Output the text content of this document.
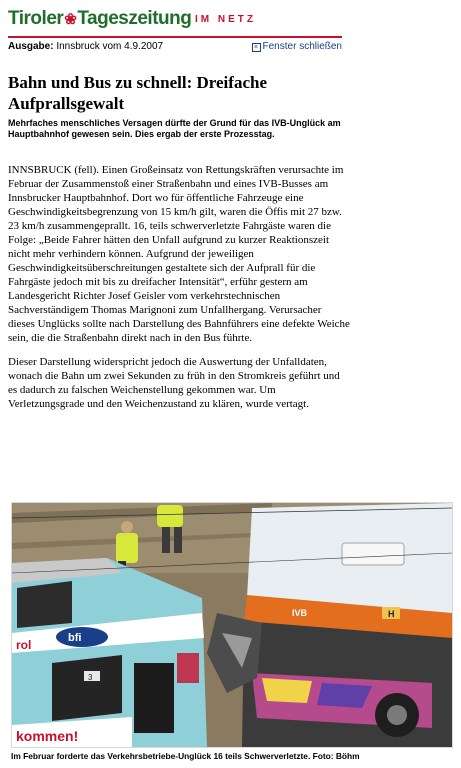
Tiroler❀Tageszeitung IM NETZ
Ausgabe: Innsbruck vom 4.9.2007	× Fenster schließen
Bahn und Bus zu schnell: Dreifache Aufprallsgewalt

Mehrfaches menschliches Versagen dürfte der Grund für das IVB-Unglück am Hauptbahnhof gewesen sein. Dies ergab der erste Prozesstag.

INNSBRUCK (fell). Einen Großeinsatz von Rettungskräften verursachte im Februar der Zusammenstoß einer Straßenbahn und eines IVB-Busses am Innsbrucker Hauptbahnhof. Dort wo für öffentliche Fahrzeuge eine Geschwindigkeitsbegrenzung von 15 km/h gilt, waren die Öffis mit 27 bzw. 23 km/h zusammengeprallt. 16, teils schwerverletzte Fahrgäste waren die Folge: „Beide Fahrer hätten den Unfall aufgrund zu kurzer Reaktionszeit nicht mehr verhindern können. Aufgrund der jeweiligen Geschwindigkeitsüberschreitungen gestaltete sich der Aufprall für die Fahrgäste jedoch mit bis zu dreifacher Intensität“, erführ gestern am Landesgericht Richter Josef Geisler vom verkehrstechnischen Sachverständigem Thomas Marignoni zum Unfallhergang. Verursacher dieses Unglücks sollte nach Darstellung des Bahnführers eine defekte Weiche sein, die die Straßenbahn direkt nach in den Bus führte.

Dieser Darstellung widerspricht jedoch die Auswertung der Unfalldaten, wonach die Bahn um zwei Sekunden zu früh in den Stromkreis geführt und es dadurch zu falschen Weichenstellung gekommen war. Um Verletzungsgrade und den Weichenzustand zu klären, wurde vertagt.

IVB	H
rol	bfi
3
kommen!
Im Februar forderte das Verkehrsbetriebe-Unglück 16 teils Schwerverletzte. Foto: Böhm
